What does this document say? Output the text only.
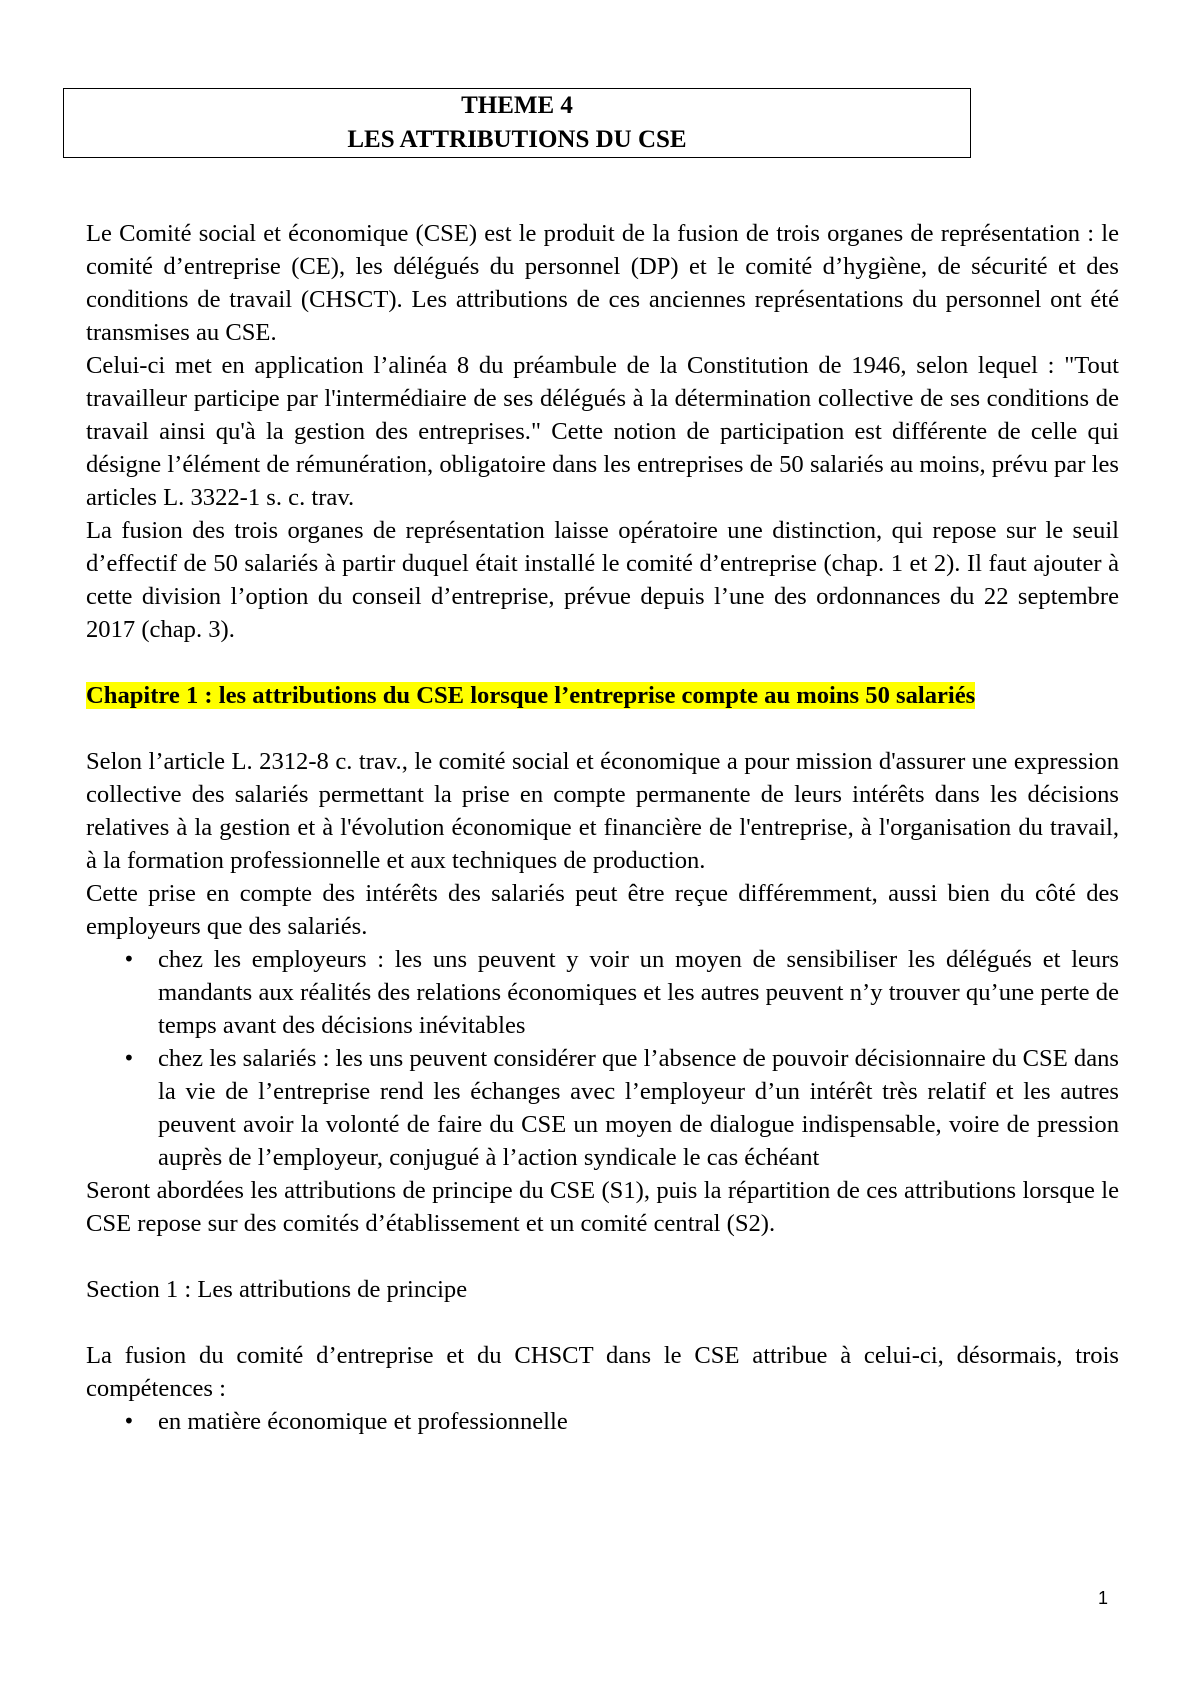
THEME 4
LES ATTRIBUTIONS DU CSE

Le Comité social et économique (CSE) est le produit de la fusion de trois organes de représentation : le comité d’entreprise (CE), les délégués du personnel (DP) et le comité d’hygiène, de sécurité et des conditions de travail (CHSCT). Les attributions de ces anciennes représentations du personnel ont été transmises au CSE.

Celui-ci met en application l’alinéa 8 du préambule de la Constitution de 1946, selon lequel : "Tout travailleur participe par l'intermédiaire de ses délégués à la détermination collective de ses conditions de travail ainsi qu'à la gestion des entreprises." Cette notion de participation est différente de celle qui désigne l’élément de rémunération, obligatoire dans les entreprises de 50 salariés au moins, prévu par les articles L. 3322-1 s. c. trav.

La fusion des trois organes de représentation laisse opératoire une distinction, qui repose sur le seuil d’effectif de 50 salariés à partir duquel était installé le comité d’entreprise (chap. 1 et 2). Il faut ajouter à cette division l’option du conseil d’entreprise, prévue depuis l’une des ordonnances du 22 septembre 2017 (chap. 3).

Chapitre 1 : les attributions du CSE lorsque l’entreprise compte au moins 50 salariés

Selon l’article L. 2312-8 c. trav., le comité social et économique a pour mission d'assurer une expression collective des salariés permettant la prise en compte permanente de leurs intérêts dans les décisions relatives à la gestion et à l'évolution économique et financière de l'entreprise, à l'organisation du travail, à la formation professionnelle et aux techniques de production.

Cette prise en compte des intérêts des salariés peut être reçue différemment, aussi bien du côté des employeurs que des salariés.

• chez les employeurs : les uns peuvent y voir un moyen de sensibiliser les délégués et leurs mandants aux réalités des relations économiques et les autres peuvent n’y trouver qu’une perte de temps avant des décisions inévitables
• chez les salariés : les uns peuvent considérer que l’absence de pouvoir décisionnaire du CSE dans la vie de l’entreprise rend les échanges avec l’employeur d’un intérêt très relatif et les autres peuvent avoir la volonté de faire du CSE un moyen de dialogue indispensable, voire de pression auprès de l’employeur, conjugué à l’action syndicale le cas échéant

Seront abordées les attributions de principe du CSE (S1), puis la répartition de ces attributions lorsque le CSE repose sur des comités d’établissement et un comité central (S2).

Section 1 : Les attributions de principe

La fusion du comité d’entreprise et du CHSCT dans le CSE attribue à celui-ci, désormais, trois compétences :

• en matière économique et professionnelle
1
